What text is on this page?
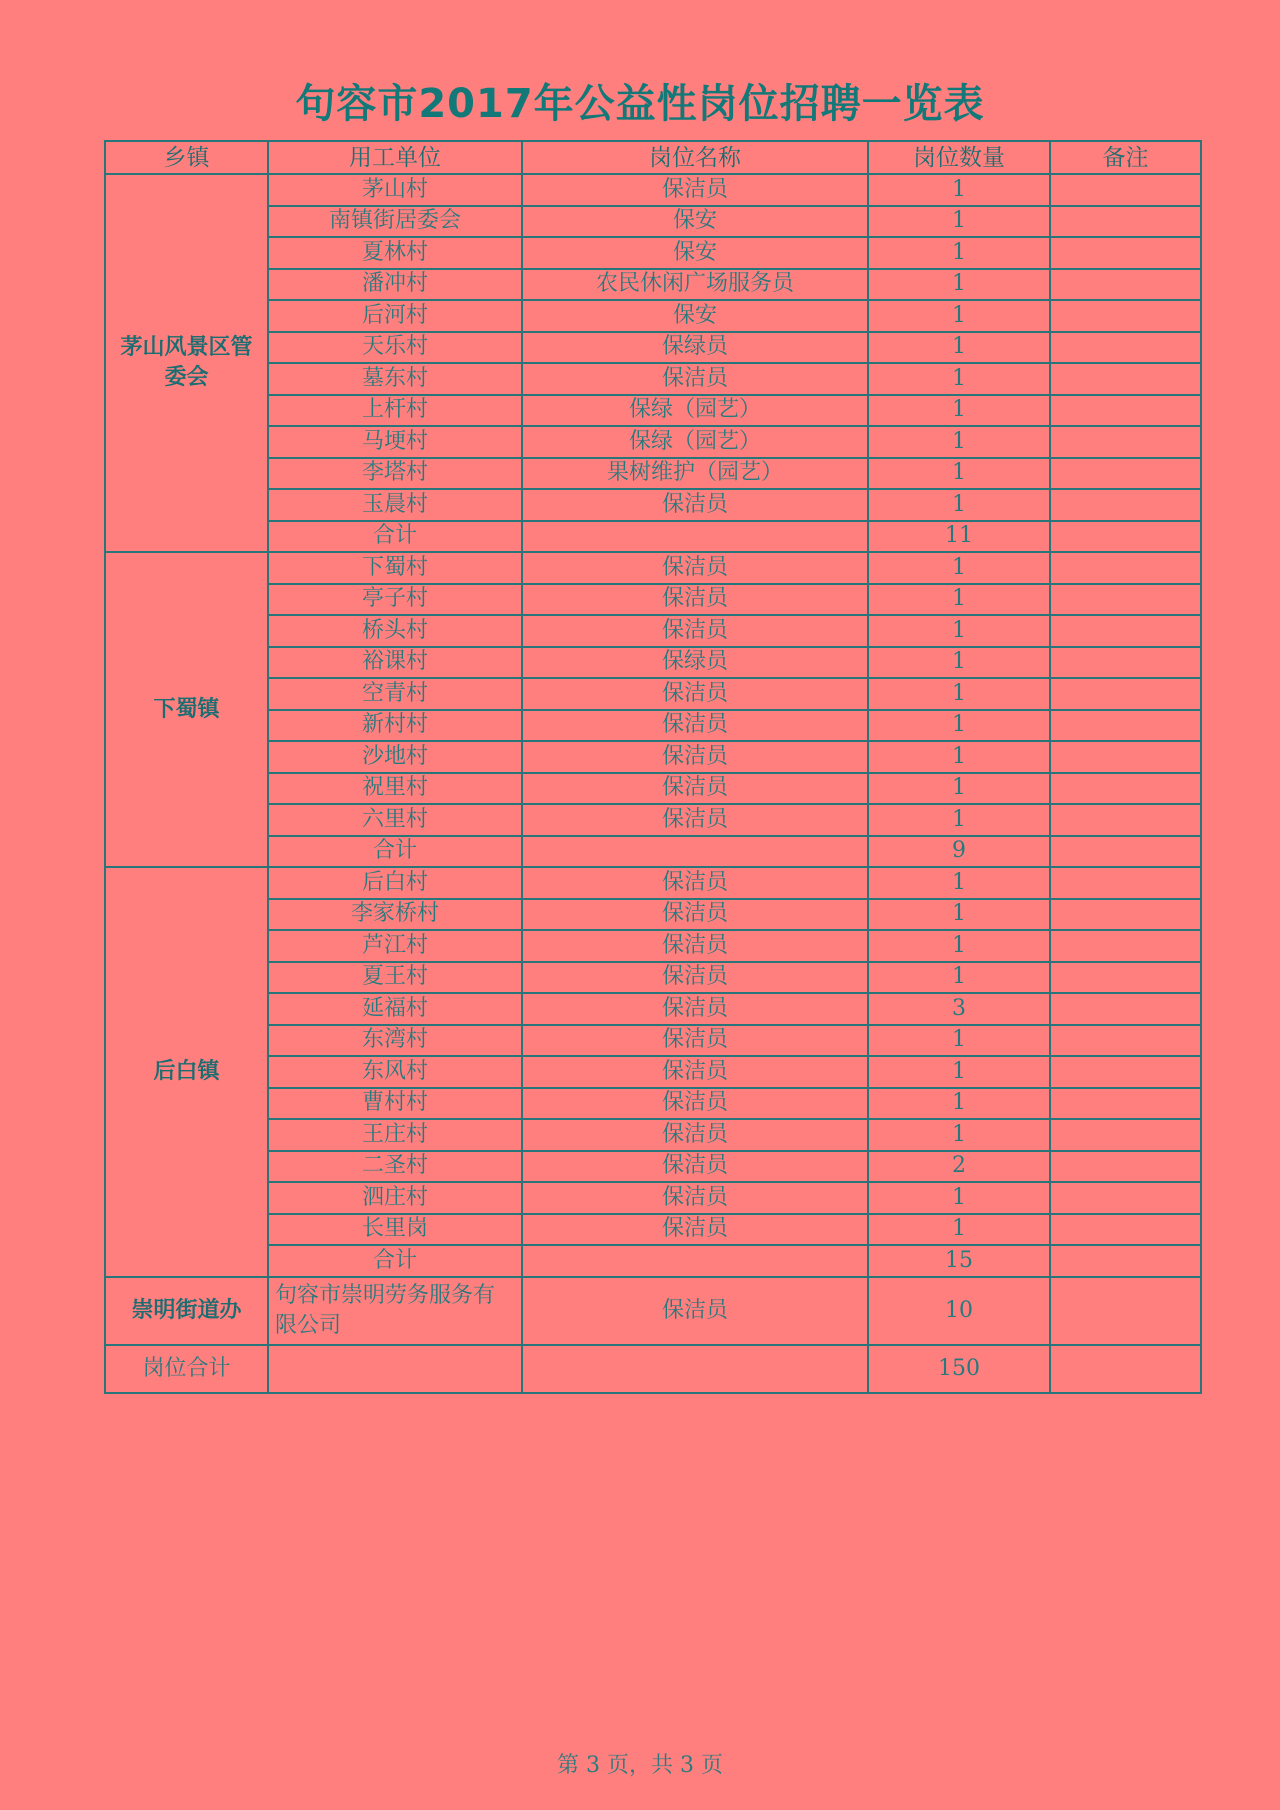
句容市2017年公益性岗位招聘一览表
乡镇	用工单位	岗位名称	岗位数量	备注

茅山风景区管委会	茅山村	保洁员	1	
	南镇街居委会	保安	1	
	夏林村	保安	1	
	潘冲村	农民休闲广场服务员	1	
	后河村	保安	1	
	天乐村	保绿员	1	
	墓东村	保洁员	1	
	上杆村	保绿（园艺）	1	
	马埂村	保绿（园艺）	1	
	李塔村	果树维护（园艺）	1	
	玉晨村	保洁员	1	
	合计		11	

下蜀镇	下蜀村	保洁员	1	
	亭子村	保洁员	1	
	桥头村	保洁员	1	
	裕课村	保绿员	1	
	空青村	保洁员	1	
	新村村	保洁员	1	
	沙地村	保洁员	1	
	祝里村	保洁员	1	
	六里村	保洁员	1	
	合计		9	

后白镇	后白村	保洁员	1	
	李家桥村	保洁员	1	
	芦江村	保洁员	1	
	夏王村	保洁员	1	
	延福村	保洁员	3	
	东湾村	保洁员	1	
	东风村	保洁员	1	
	曹村村	保洁员	1	
	王庄村	保洁员	1	
	二圣村	保洁员	2	
	泗庄村	保洁员	1	
	长里岗	保洁员	1	
	合计		15	

崇明街道办	句容市崇明劳务服务有限公司	保洁员	10	
岗位合计			150	
第 3 页，共 3 页
